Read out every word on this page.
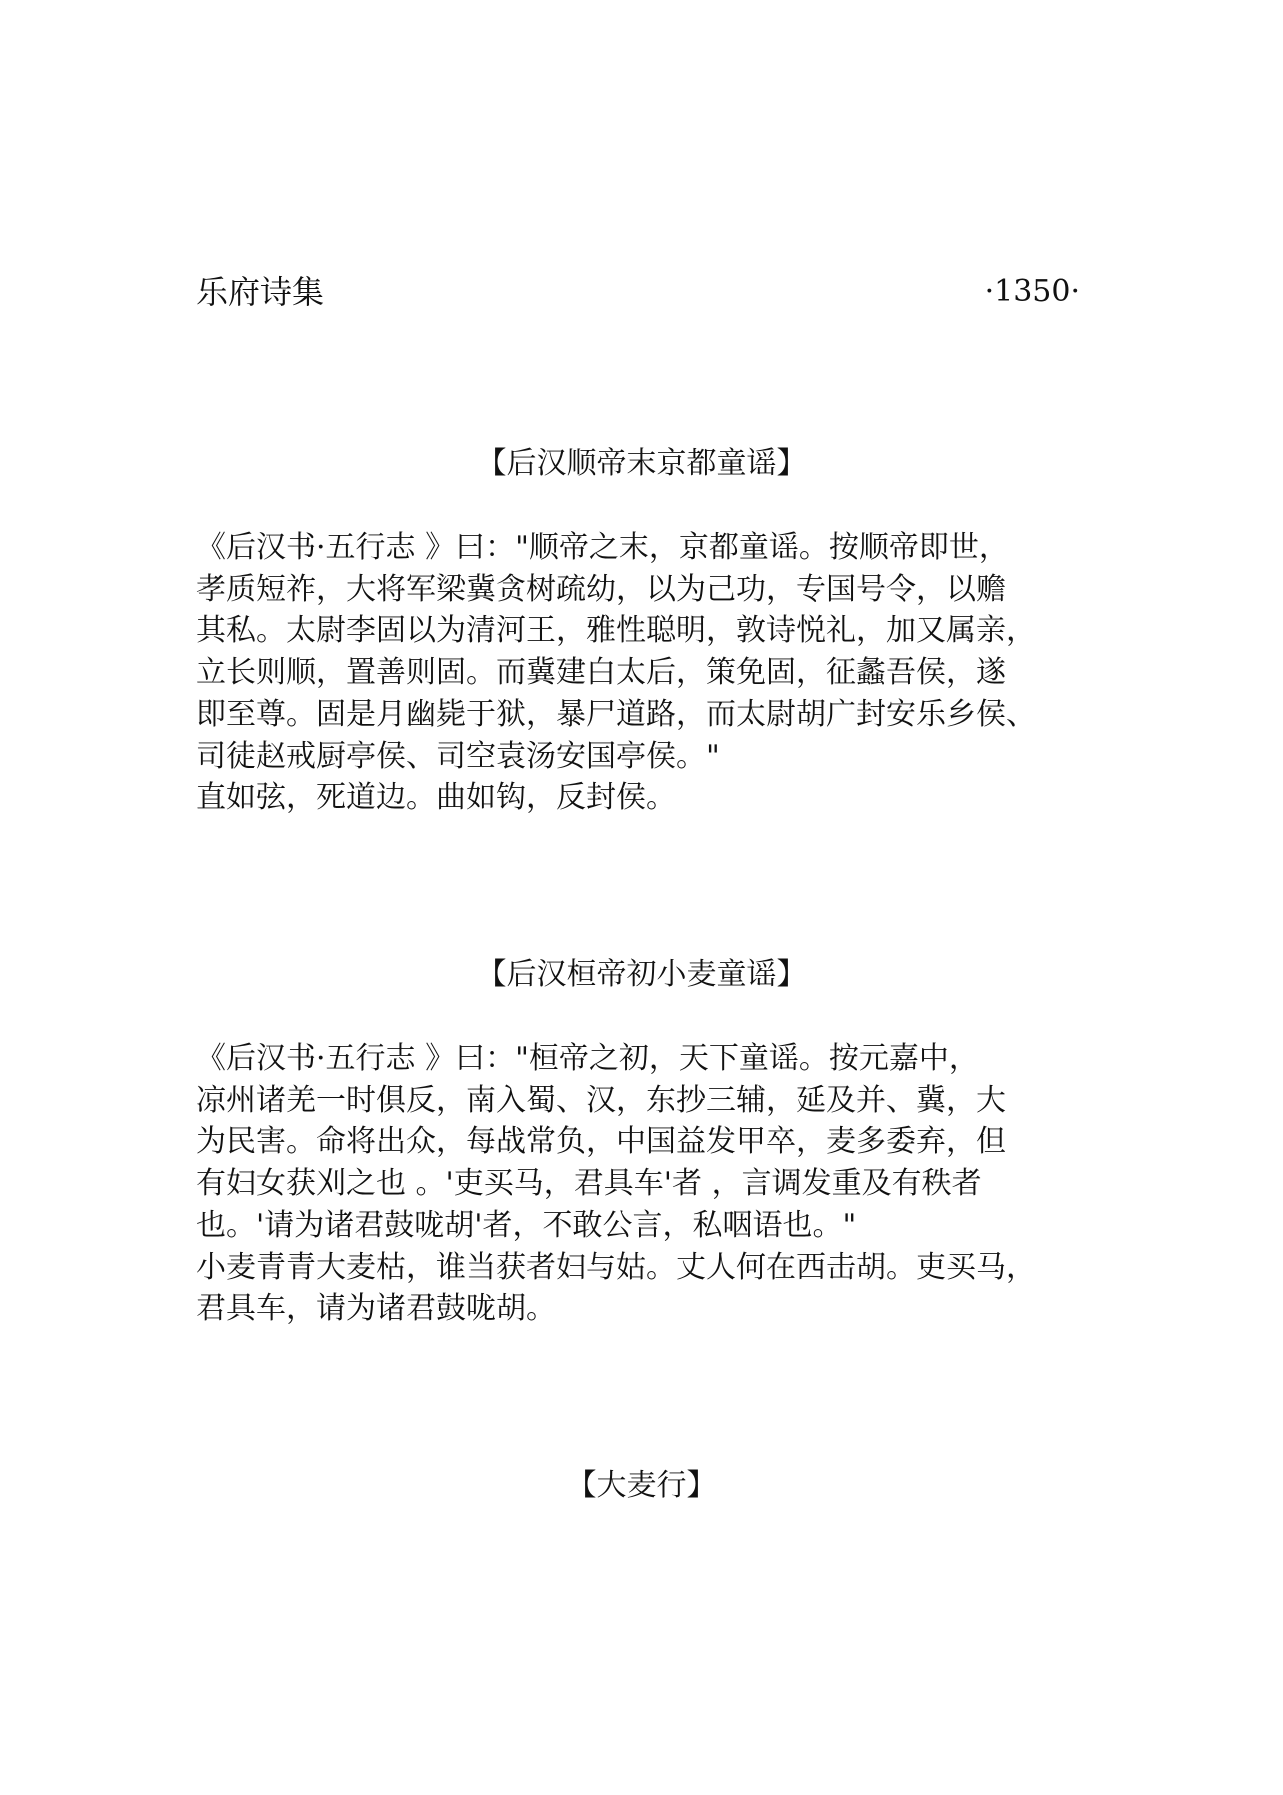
乐府诗集	·1350·
【后汉顺帝末京都童谣】
《后汉书·五行志 》曰："顺帝之末，京都童谣。按顺帝即世，
孝质短祚，大将军梁冀贪树疏幼，以为己功，专国号令，以赡
其私。太尉李固以为清河王，雅性聪明，敦诗悦礼，加又属亲，
立长则顺，置善则固。而冀建白太后，策免固，征蠡吾侯，遂
即至尊。固是月幽毙于狱，暴尸道路，而太尉胡广封安乐乡侯、
司徒赵戒厨亭侯、司空袁汤安国亭侯。"
直如弦，死道边。曲如钩，反封侯。
【后汉桓帝初小麦童谣】
《后汉书·五行志 》曰："桓帝之初，天下童谣。按元嘉中，
凉州诸羌一时俱反，南入蜀、汉，东抄三辅，延及并、冀，大
为民害。命将出众，每战常负，中国益发甲卒，麦多委弃，但
有妇女获刈之也 。'吏买马，君具车'者 ，言调发重及有秩者
也。'请为诸君鼓咙胡'者，不敢公言，私咽语也。"
小麦青青大麦枯，谁当获者妇与姑。丈人何在西击胡。吏买马，
君具车，请为诸君鼓咙胡。
【大麦行】
